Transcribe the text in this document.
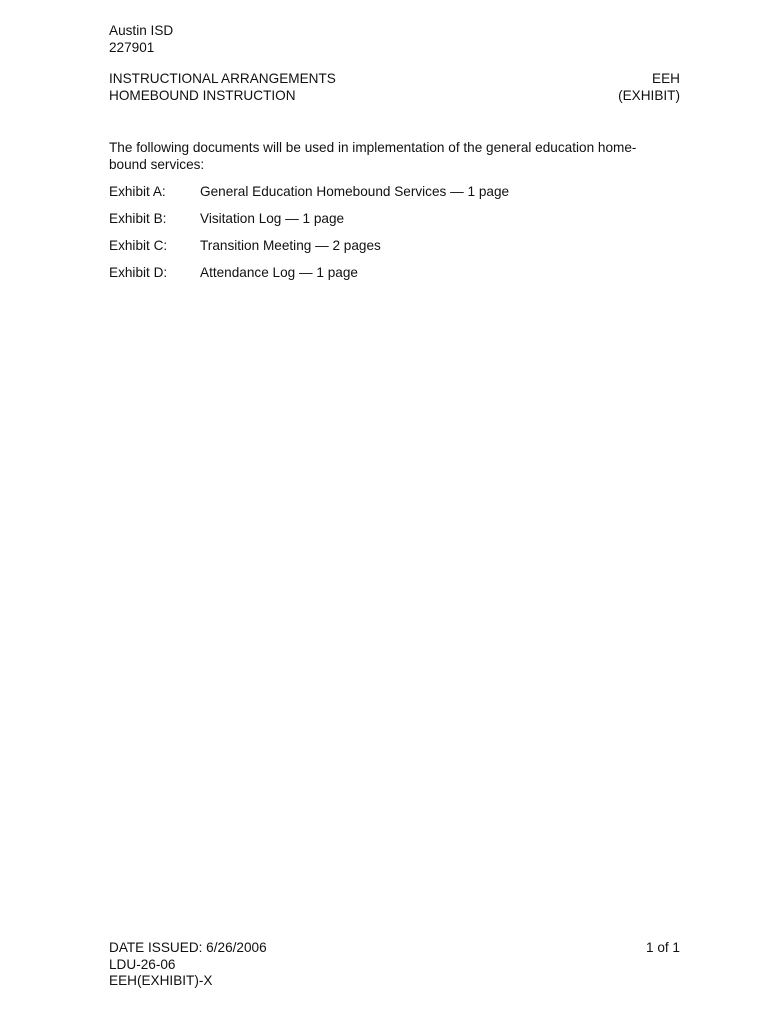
Austin ISD
227901
INSTRUCTIONAL ARRANGEMENTS	EEH
HOMEBOUND INSTRUCTION	(EXHIBIT)
The following documents will be used in implementation of the general education home-
bound services:
Exhibit A:	General Education Homebound Services — 1 page
Exhibit B:	Visitation Log — 1 page
Exhibit C:	Transition Meeting — 2 pages
Exhibit D:	Attendance Log — 1 page
DATE ISSUED: 6/26/2006	1 of 1
LDU-26-06
EEH(EXHIBIT)-X
